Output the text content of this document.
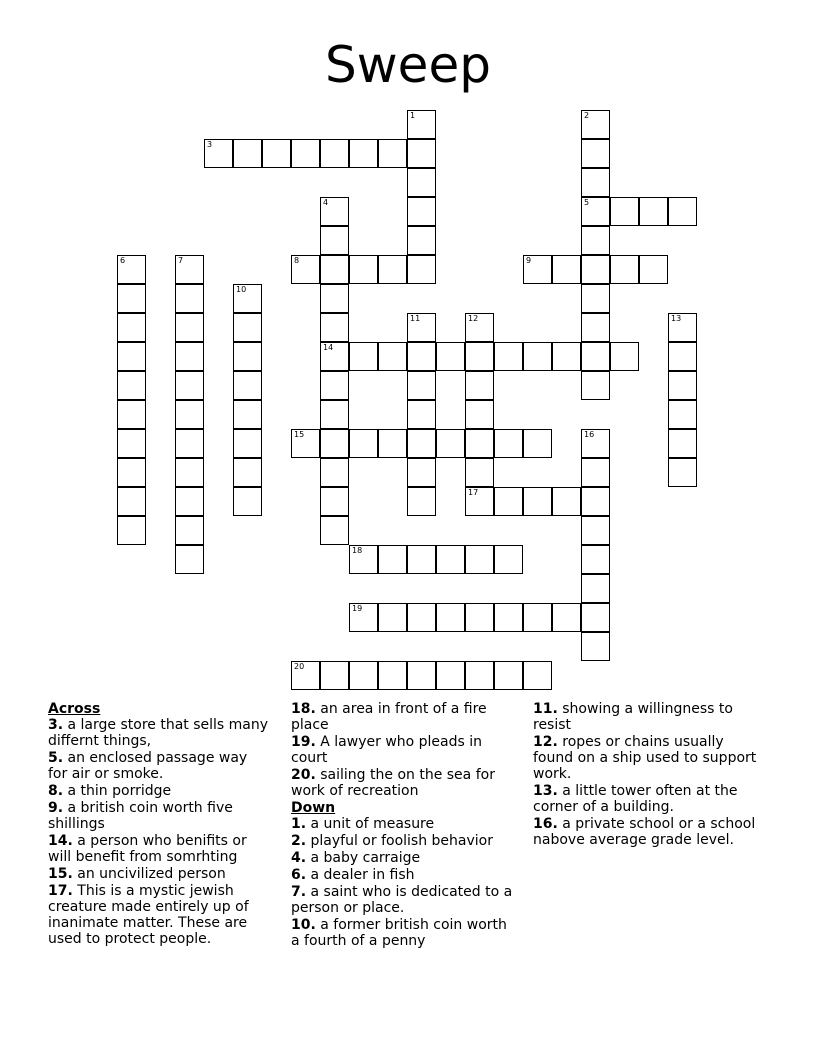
Sweep
1	2
5
3
4
14
6	7	8	9
10
11	12	13
15	16
17
18
19
20
Across
3. a large store that sells many differnt things,
5. an enclosed passage way for air or smoke.
8. a thin porridge
9. a british coin worth five shillings
14. a person who benifits or will benefit from somrhting
15. an uncivilized person
17. This is a mystic jewish creature made entirely up of inanimate matter. These are used to protect people.
18. an area in front of a fire place
19. A lawyer who pleads in court
20. sailing the on the sea for work of recreation
Down
1. a unit of measure
2. playful or foolish behavior
4. a baby carraige
6. a dealer in fish
7. a saint who is dedicated to a person or place.
10. a former british coin worth a fourth of a penny
11. showing a willingness to resist
12. ropes or chains usually found on a ship used to support work.
13. a little tower often at the corner of a building.
16. a private school or a school nabove average grade level.
